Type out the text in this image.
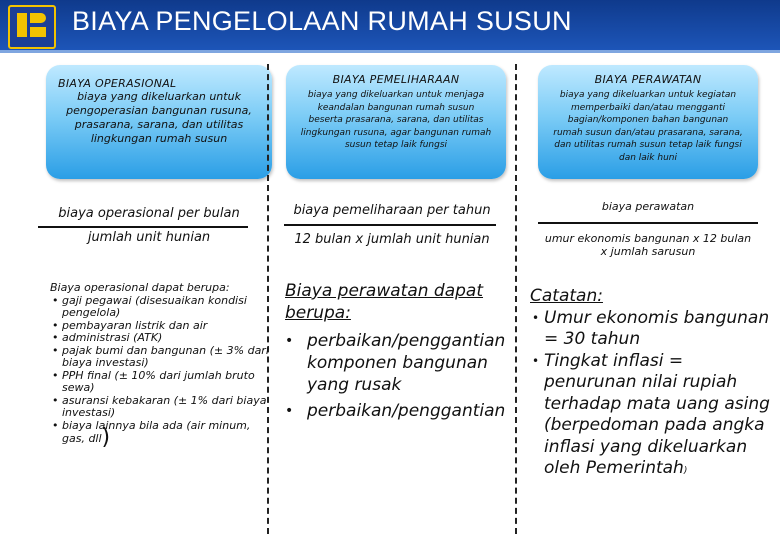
BIAYA PENGELOLAAN RUMAH SUSUN
BIAYA OPERASIONAL
biaya yang dikeluarkan untuk pengoperasian bangunan rusuna, prasarana, sarana, dan utilitas lingkungan rumah susun
BIAYA PEMELIHARAAN
biaya yang dikeluarkan untuk menjaga keandalan bangunan rumah susun beserta prasarana, sarana, dan utilitas lingkungan rusuna, agar bangunan rumah susun tetap laik fungsi
BIAYA PERAWATAN
biaya yang dikeluarkan untuk kegiatan memperbaiki dan/atau mengganti bagian/komponen bahan bangunan rumah susun dan/atau prasarana, sarana, dan utilitas rumah susun tetap laik fungsi dan laik huni
biaya operasional per bulan
jumlah unit hunian
biaya pemeliharaan per tahun
12 bulan x jumlah unit hunian
biaya perawatan
umur ekonomis bangunan x 12 bulan x jumlah sarusun
Biaya operasional dapat berupa:
• gaji pegawai (disesuaikan kondisi pengelola)
• pembayaran listrik dan air
• administrasi (ATK)
• pajak bumi dan bangunan (± 3% dari biaya investasi)
• PPH final (± 10% dari jumlah bruto sewa)
• asuransi kebakaran (± 1% dari biaya investasi)
• biaya lainnya bila ada (air minum, gas, dll)
Biaya perawatan dapat berupa:
• perbaikan/penggantian komponen bangunan yang rusak
• perbaikan/penggantian
Catatan:
• Umur ekonomis bangunan = 30 tahun
• Tingkat inflasi = penurunan nilai rupiah terhadap mata uang asing (berpedoman pada angka inflasi yang dikeluarkan oleh Pemerintah)
